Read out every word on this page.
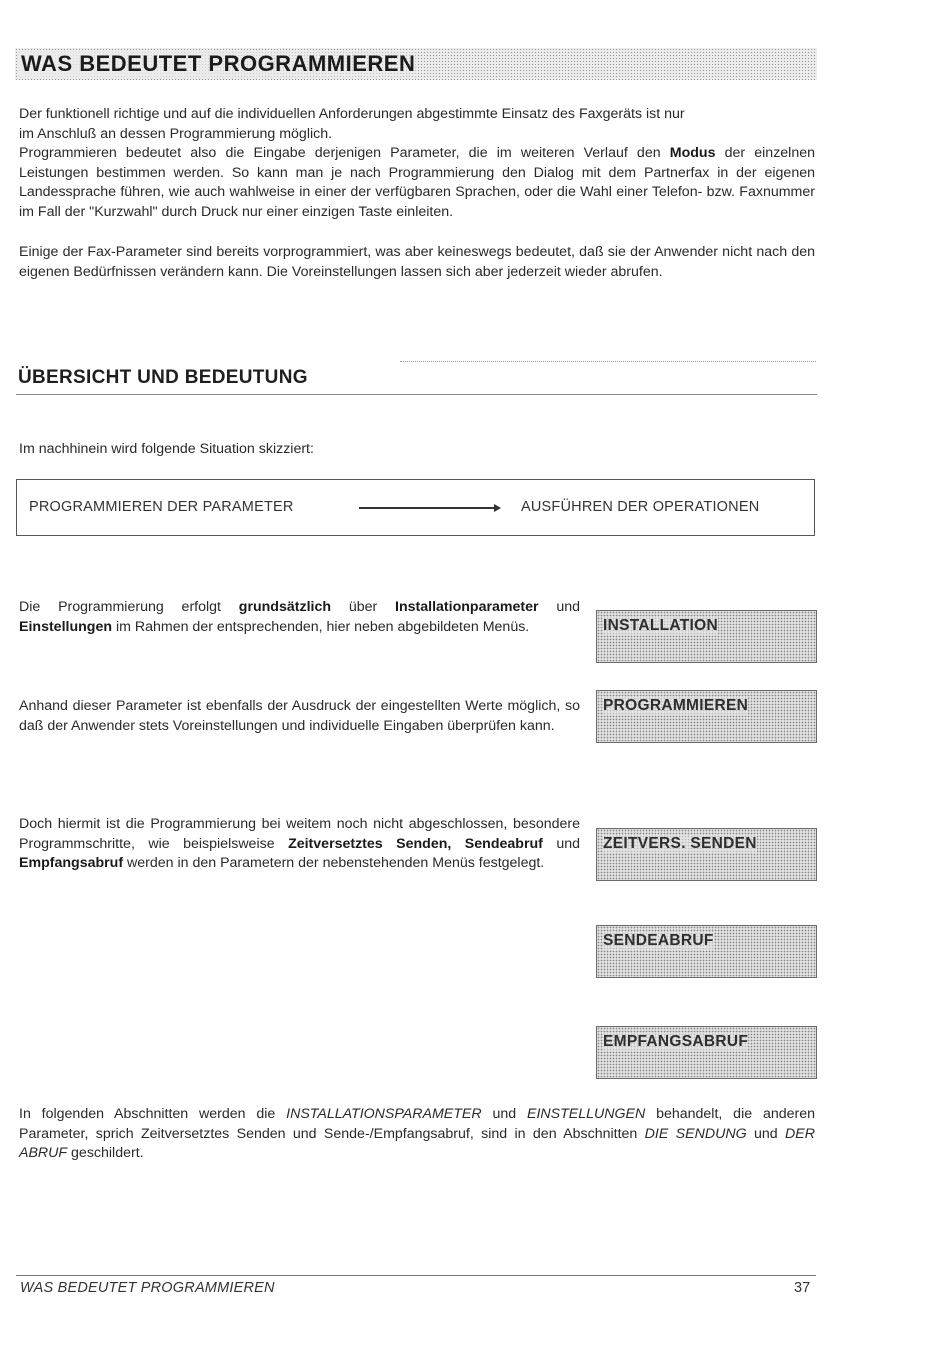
WAS BEDEUTET PROGRAMMIEREN

Der funktionell richtige und auf die individuellen Anforderungen abgestimmte Einsatz des Faxgeräts ist nur

im Anschluß an dessen Programmierung möglich.

Programmieren bedeutet also die Eingabe derjenigen Parameter, die im weiteren Verlauf den Modus der einzelnen Leistungen bestimmen werden. So kann man je nach Programmierung den Dialog mit dem Partnerfax in der eigenen Landessprache führen, wie auch wahlweise in einer der verfügbaren Sprachen, oder die Wahl einer Telefon- bzw. Faxnummer im Fall der "Kurzwahl" durch Druck nur einer einzigen Taste einleiten.

Einige der Fax-Parameter sind bereits vorprogrammiert, was aber keineswegs bedeutet, daß sie der Anwender nicht nach den eigenen Bedürfnissen verändern kann. Die Voreinstellungen lassen sich aber jederzeit wieder abrufen.

ÜBERSICHT UND BEDEUTUNG

Im nachhinein wird folgende Situation skizziert:

PROGRAMMIEREN DER PARAMETER	AUSFÜHREN DER OPERATIONEN

Die Programmierung erfolgt grundsätzlich über Installationparameter und Einstellungen im Rahmen der entsprechenden, hier neben abgebildeten Menüs.

Anhand dieser Parameter ist ebenfalls der Ausdruck der eingestellten Werte möglich, so daß der Anwender stets Voreinstellungen und individuelle Eingaben überprüfen kann.

Doch hiermit ist die Programmierung bei weitem noch nicht abgeschlossen, besondere Programmschritte, wie beispielsweise Zeitversetztes Senden, Sendeabruf und Empfangsabruf werden in den Parametern der nebenstehenden Menüs festgelegt.

INSTALLATION
PROGRAMMIEREN
ZEITVERS. SENDEN
SENDEABRUF
EMPFANGSABRUF

In folgenden Abschnitten werden die INSTALLATIONSPARAMETER und EINSTELLUNGEN behandelt, die anderen Parameter, sprich Zeitversetztes Senden und Sende-/Empfangsabruf, sind in den Abschnitten DIE SENDUNG und DER ABRUF geschildert.

WAS BEDEUTET PROGRAMMIEREN	37
